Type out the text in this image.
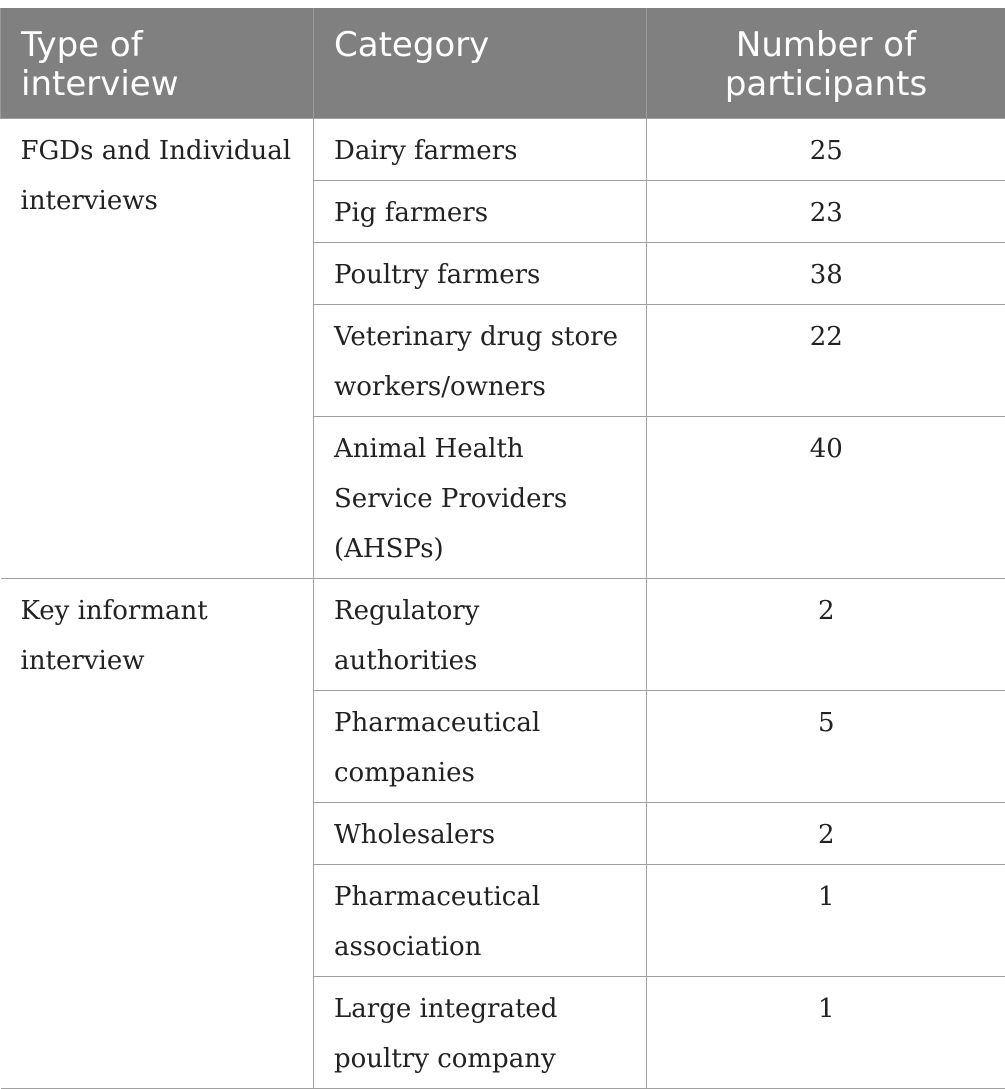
Type of interview	Category	Number of participants
FGDs and Individual interviews	Dairy farmers	25
	Pig farmers	23
	Poultry farmers	38
	Veterinary drug store workers/owners	22
	Animal Health Service Providers (AHSPs)	40
Key informant interview	Regulatory authorities	2
	Pharmaceutical companies	5
	Wholesalers	2
	Pharmaceutical association	1
	Large integrated poultry company	1
